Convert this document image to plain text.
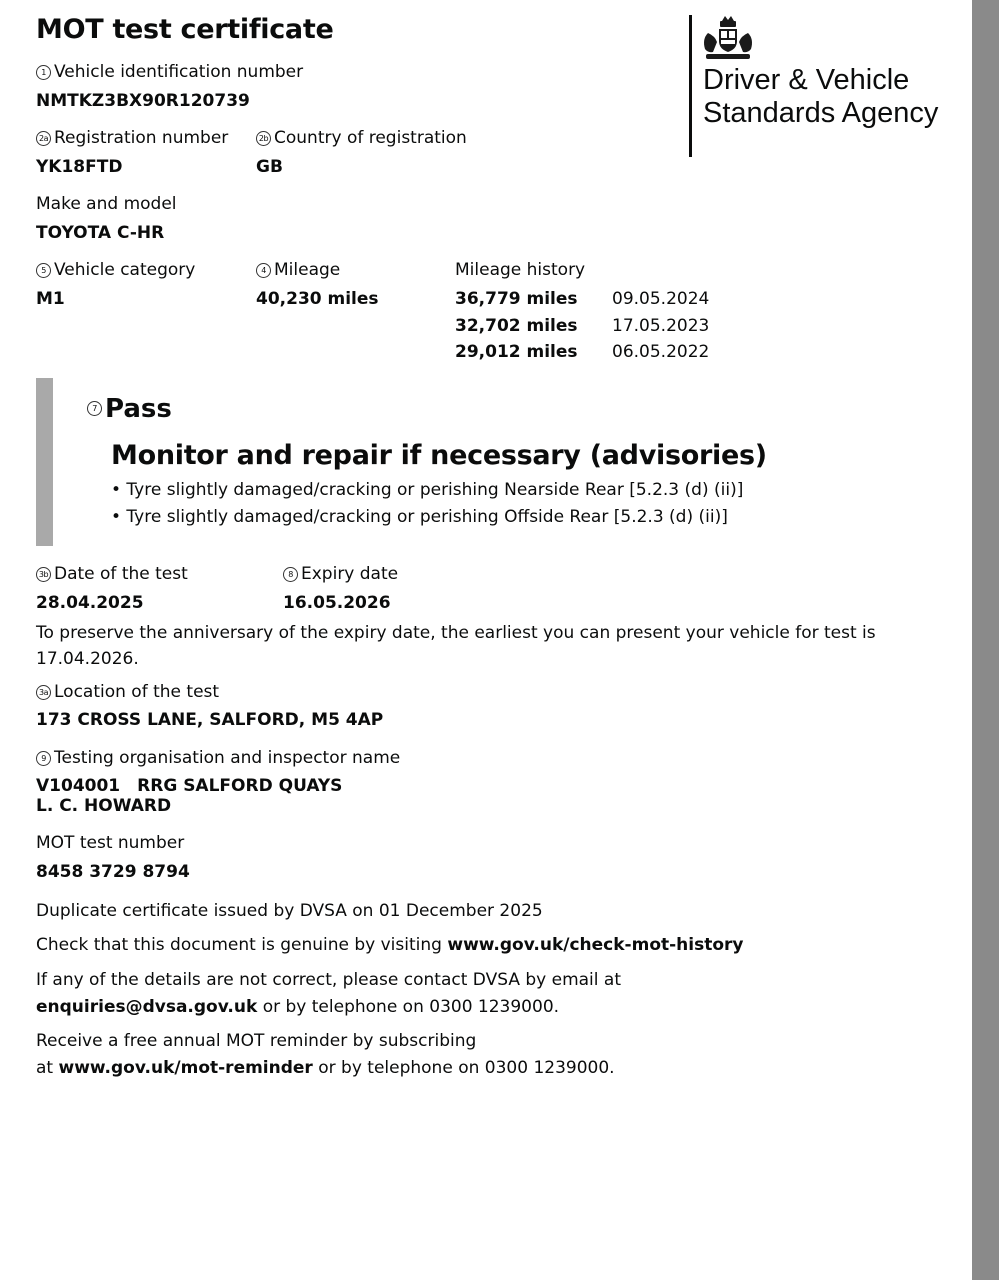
MOT test certificate
Driver & Vehicle Standards Agency
1 Vehicle identification number
NMTKZ3BX90R120739
2a Registration number
YK18FTD
2b Country of registration
GB
Make and model
TOYOTA C-HR
5 Vehicle category
M1
4 Mileage
40,230 miles
Mileage history
36,779 miles 09.05.2024
32,702 miles 17.05.2023
29,012 miles 06.05.2022
7 Pass
Monitor and repair if necessary (advisories)
• Tyre slightly damaged/cracking or perishing Nearside Rear [5.2.3 (d) (ii)]
• Tyre slightly damaged/cracking or perishing Offside Rear [5.2.3 (d) (ii)]
3b Date of the test
28.04.2025
8 Expiry date
16.05.2026
To preserve the anniversary of the expiry date, the earliest you can present your vehicle for test is
17.04.2026.
3a Location of the test
173 CROSS LANE, SALFORD, M5 4AP
9 Testing organisation and inspector name
V104001 RRG SALFORD QUAYS
L. C. HOWARD
MOT test number
8458 3729 8794
Duplicate certificate issued by DVSA on 01 December 2025
Check that this document is genuine by visiting www.gov.uk/check-mot-history
If any of the details are not correct, please contact DVSA by email at
enquiries@dvsa.gov.uk or by telephone on 0300 1239000.
Receive a free annual MOT reminder by subscribing
at www.gov.uk/mot-reminder or by telephone on 0300 1239000.
